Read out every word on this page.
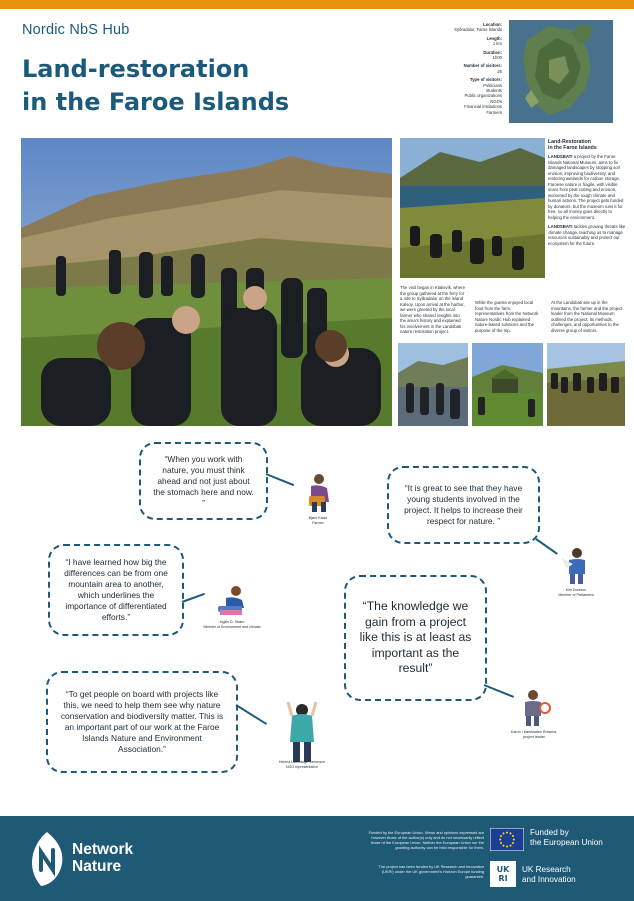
Nordic NbS Hub
Land-restoration
in the Faroe Islands
Location:
Syðradalur, Faroe Islands
Length:
1 km
Duration:
1h00
Number of visitors:
26
Type of visitors:
Politicians
students
Public organizations
NGOs
Financial institutions
Farmers
Land-Restoration
in the Faroe Islands

LANDSBATI a project by the Faroe Islands National Museum, aims to fix damaged landscapes by stopping soil erosion, improving biodiversity, and restoring wetlands for carbon storage. Faroese nature is fragile, with visible scars from peat cutting and erosion, worsened by the rough climate and human actions. The project gets funded by donators, but the museum runs it for free, so all money goes directly to helping the environment.

LANDSBATI tackles growing threats like climate change, teaching us to manage resources sustainably and protect our ecosystem for the future.

The visit began in Klaksvík, where the group gathered at the ferry for a ride to Syðradalur on the island Kalsoy. Upon arrival at the harbor, we were greeted by the local farmer who shared insights into the area's history and explained his involvement in the Landsbati nature restoration project.
While the guests enjoyed local food from the farm, representatives from the Network Nature Nordic Hub explained nature-based solutions and the purpose of the trip.
At the Landsbati site up in the mountains, the farmer and the project leader from the National Museum outlined the project, its methods, challenges, and opportunities to the diverse group of visitors.
“When you work with nature, you must think ahead and not just about the stomach here and now. ”
Bjørn Kalsó
Farmer
“It is great to see that they have young students involved in the project. It helps to increase their respect for nature. ”
Kim Dorkson
Member of Parliament
“I have learned how big the differences can be from one mountain area to another, which underlines the importance of differentiated efforts.”	Ingilin D. Strøm
Minister of Environment and climate
“The knowledge we gain from a project like this is at least as important as the result”
Kalvin í Kørkklatten Rotsmia,
project leader
“To get people on board with projects like this, we need to help them see why nature conservation and biodiversity matter. This is an important part of our work at the Faroe Islands Nature and Environment Association.”
Helena Lamhauge Simonsen
NGO representative
Network
Nature
Funded by the European Union. Views and opinions expressed are however those of the author(s) only and do not necessarily reflect those of the European Union. Neither the European Union nor the granting authority can be held responsible for them.
The project has been funded by UK Research and Innovation (UKRI) under the UK government's Horizon Europe funding guarantee.
Funded by
the European Union
UK
RI
UK Research
and Innovation
